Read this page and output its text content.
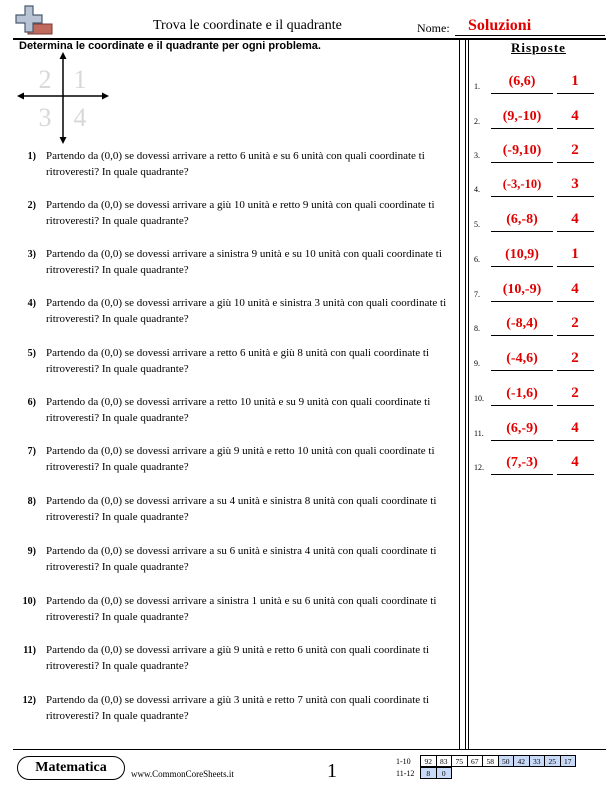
Trova le coordinate e il quadrante	Nome: Soluzioni
Determina le coordinate e il quadrante per ogni problema.
2 1
3 4
1) Partendo da (0,0) se dovessi arrivare a retto 6 unità e su 6 unità con quali coordinate ti ritroveresti? In quale quadrante?
2) Partendo da (0,0) se dovessi arrivare a giù 10 unità e retto 9 unità con quali coordinate ti ritroveresti? In quale quadrante?
3) Partendo da (0,0) se dovessi arrivare a sinistra 9 unità e su 10 unità con quali coordinate ti ritroveresti? In quale quadrante?
4) Partendo da (0,0) se dovessi arrivare a giù 10 unità e sinistra 3 unità con quali coordinate ti ritroveresti? In quale quadrante?
5) Partendo da (0,0) se dovessi arrivare a retto 6 unità e giù 8 unità con quali coordinate ti ritroveresti? In quale quadrante?
6) Partendo da (0,0) se dovessi arrivare a retto 10 unità e su 9 unità con quali coordinate ti ritroveresti? In quale quadrante?
7) Partendo da (0,0) se dovessi arrivare a giù 9 unità e retto 10 unità con quali coordinate ti ritroveresti? In quale quadrante?
8) Partendo da (0,0) se dovessi arrivare a su 4 unità e sinistra 8 unità con quali coordinate ti ritroveresti? In quale quadrante?
9) Partendo da (0,0) se dovessi arrivare a su 6 unità e sinistra 4 unità con quali coordinate ti ritroveresti? In quale quadrante?
10) Partendo da (0,0) se dovessi arrivare a sinistra 1 unità e su 6 unità con quali coordinate ti ritroveresti? In quale quadrante?
11) Partendo da (0,0) se dovessi arrivare a giù 9 unità e retto 6 unità con quali coordinate ti ritroveresti? In quale quadrante?
12) Partendo da (0,0) se dovessi arrivare a giù 3 unità e retto 7 unità con quali coordinate ti ritroveresti? In quale quadrante?
Risposte
1.	(6,6)	1
2.	(9,-10)	4
3.	(-9,10)	2
4.	(-3,-10)	3
5.	(6,-8)	4
6.	(10,9)	1
7.	(10,-9)	4
8.	(-8,4)	2
9.	(-4,6)	2
10.	(-1,6)	2
11.	(6,-9)	4
12.	(7,-3)	4
Matematica	www.CommonCoreSheets.it	1	1-10 92	83	75	67	58	50	42	33	25	17
11-12 8	0
